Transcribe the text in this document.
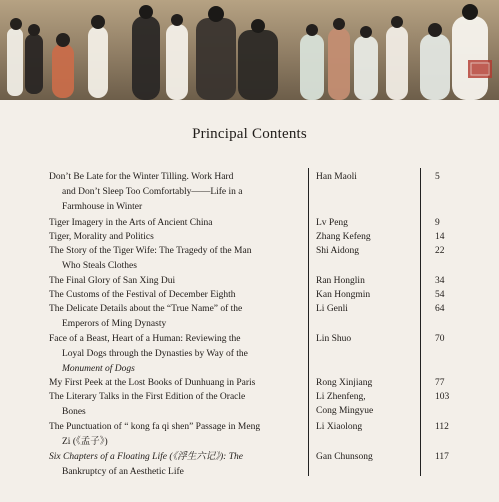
Principal Contents
Don’t Be Late for the Winter Tilling. Work Hard
and Don’t Sleep Too Comfortably——Life in a
Farmhouse in Winter
Tiger Imagery in the Arts of Ancient China
Tiger, Morality and Politics
The Story of the Tiger Wife: The Tragedy of the Man
Who Steals Clothes
The Final Glory of San Xing Dui
The Customs of the Festival of December Eighth
The Delicate Details about the “True Name” of the
Emperors of Ming Dynasty
Face of a Beast, Heart of a Human: Reviewing the
Loyal Dogs through the Dynasties by Way of the
Monument of Dogs
My First Peek at the Lost Books of Dunhuang in Paris
The Literary Talks in the First Edition of the Oracle
Bones
The Punctuation of “ kong fa qi shen” Passage in Meng
Zi (《孟子》)
Six Chapters of a Floating Life (《浮生六记》): The
Bankruptcy of an Aesthetic Life
Han Maoli
Lv Peng
Zhang Kefeng
Shi Aidong
Ran Honglin
Kan Hongmin
Li Genli
Lin Shuo
Rong Xinjiang
Li Zhenfeng,
Cong Mingyue
Li Xiaolong
Gan Chunsong
5
9
14
22
34
54
64
70
77
103
112
117
